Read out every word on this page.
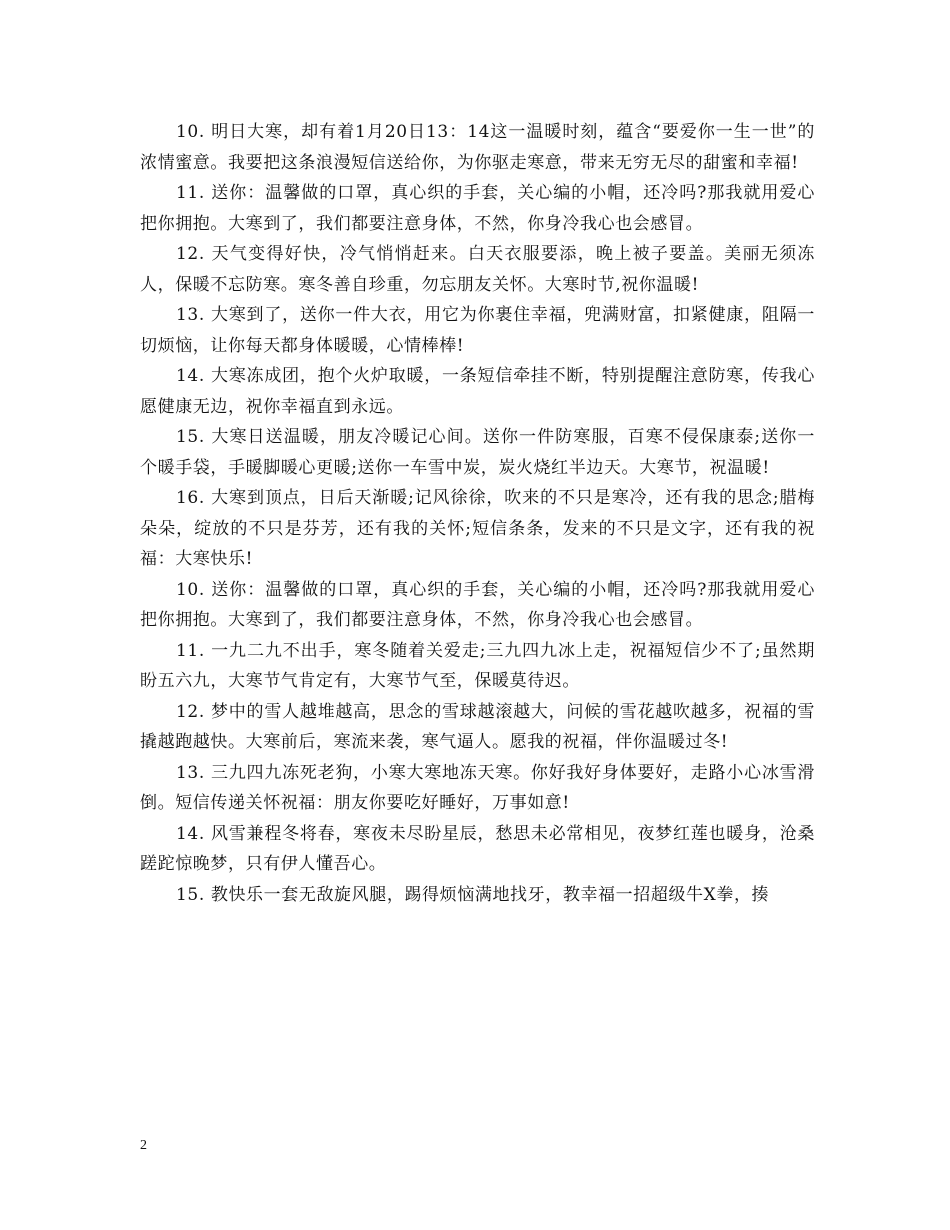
10. 明日大寒，却有着1月20日13：14这一温暖时刻，蕴含“要爱你一生一世”的浓情蜜意。我要把这条浪漫短信送给你，为你驱走寒意，带来无穷无尽的甜蜜和幸福!

11. 送你：温馨做的口罩，真心织的手套，关心编的小帽，还冷吗?那我就用爱心把你拥抱。大寒到了，我们都要注意身体，不然，你身冷我心也会感冒。

12. 天气变得好快，冷气悄悄赶来。白天衣服要添，晚上被子要盖。美丽无须冻人，保暖不忘防寒。寒冬善自珍重，勿忘朋友关怀。大寒时节,祝你温暖!

13. 大寒到了，送你一件大衣，用它为你裹住幸福，兜满财富，扣紧健康，阻隔一切烦恼，让你每天都身体暖暖，心情棒棒!

14. 大寒冻成团，抱个火炉取暖，一条短信牵挂不断，特别提醒注意防寒，传我心愿健康无边，祝你幸福直到永远。

15. 大寒日送温暖，朋友冷暖记心间。送你一件防寒服，百寒不侵保康泰;送你一个暖手袋，手暖脚暖心更暖;送你一车雪中炭，炭火烧红半边天。大寒节，祝温暖!

16. 大寒到顶点，日后天渐暖;记风徐徐，吹来的不只是寒冷，还有我的思念;腊梅朵朵，绽放的不只是芬芳，还有我的关怀;短信条条，发来的不只是文字，还有我的祝福：大寒快乐!

10. 送你：温馨做的口罩，真心织的手套，关心编的小帽，还冷吗?那我就用爱心把你拥抱。大寒到了，我们都要注意身体，不然，你身冷我心也会感冒。

11. 一九二九不出手，寒冬随着关爱走;三九四九冰上走，祝福短信少不了;虽然期盼五六九，大寒节气肯定有，大寒节气至，保暖莫待迟。

12. 梦中的雪人越堆越高，思念的雪球越滚越大，问候的雪花越吹越多，祝福的雪撬越跑越快。大寒前后，寒流来袭，寒气逼人。愿我的祝福，伴你温暖过冬!

13. 三九四九冻死老狗，小寒大寒地冻天寒。你好我好身体要好，走路小心冰雪滑倒。短信传递关怀祝福：朋友你要吃好睡好，万事如意!

14. 风雪兼程冬将春，寒夜未尽盼星辰，愁思未必常相见，夜梦红莲也暖身，沧桑蹉跎惊晚梦，只有伊人懂吾心。

15. 教快乐一套无敌旋风腿，踢得烦恼满地找牙，教幸福一招超级牛X拳，揍

2
